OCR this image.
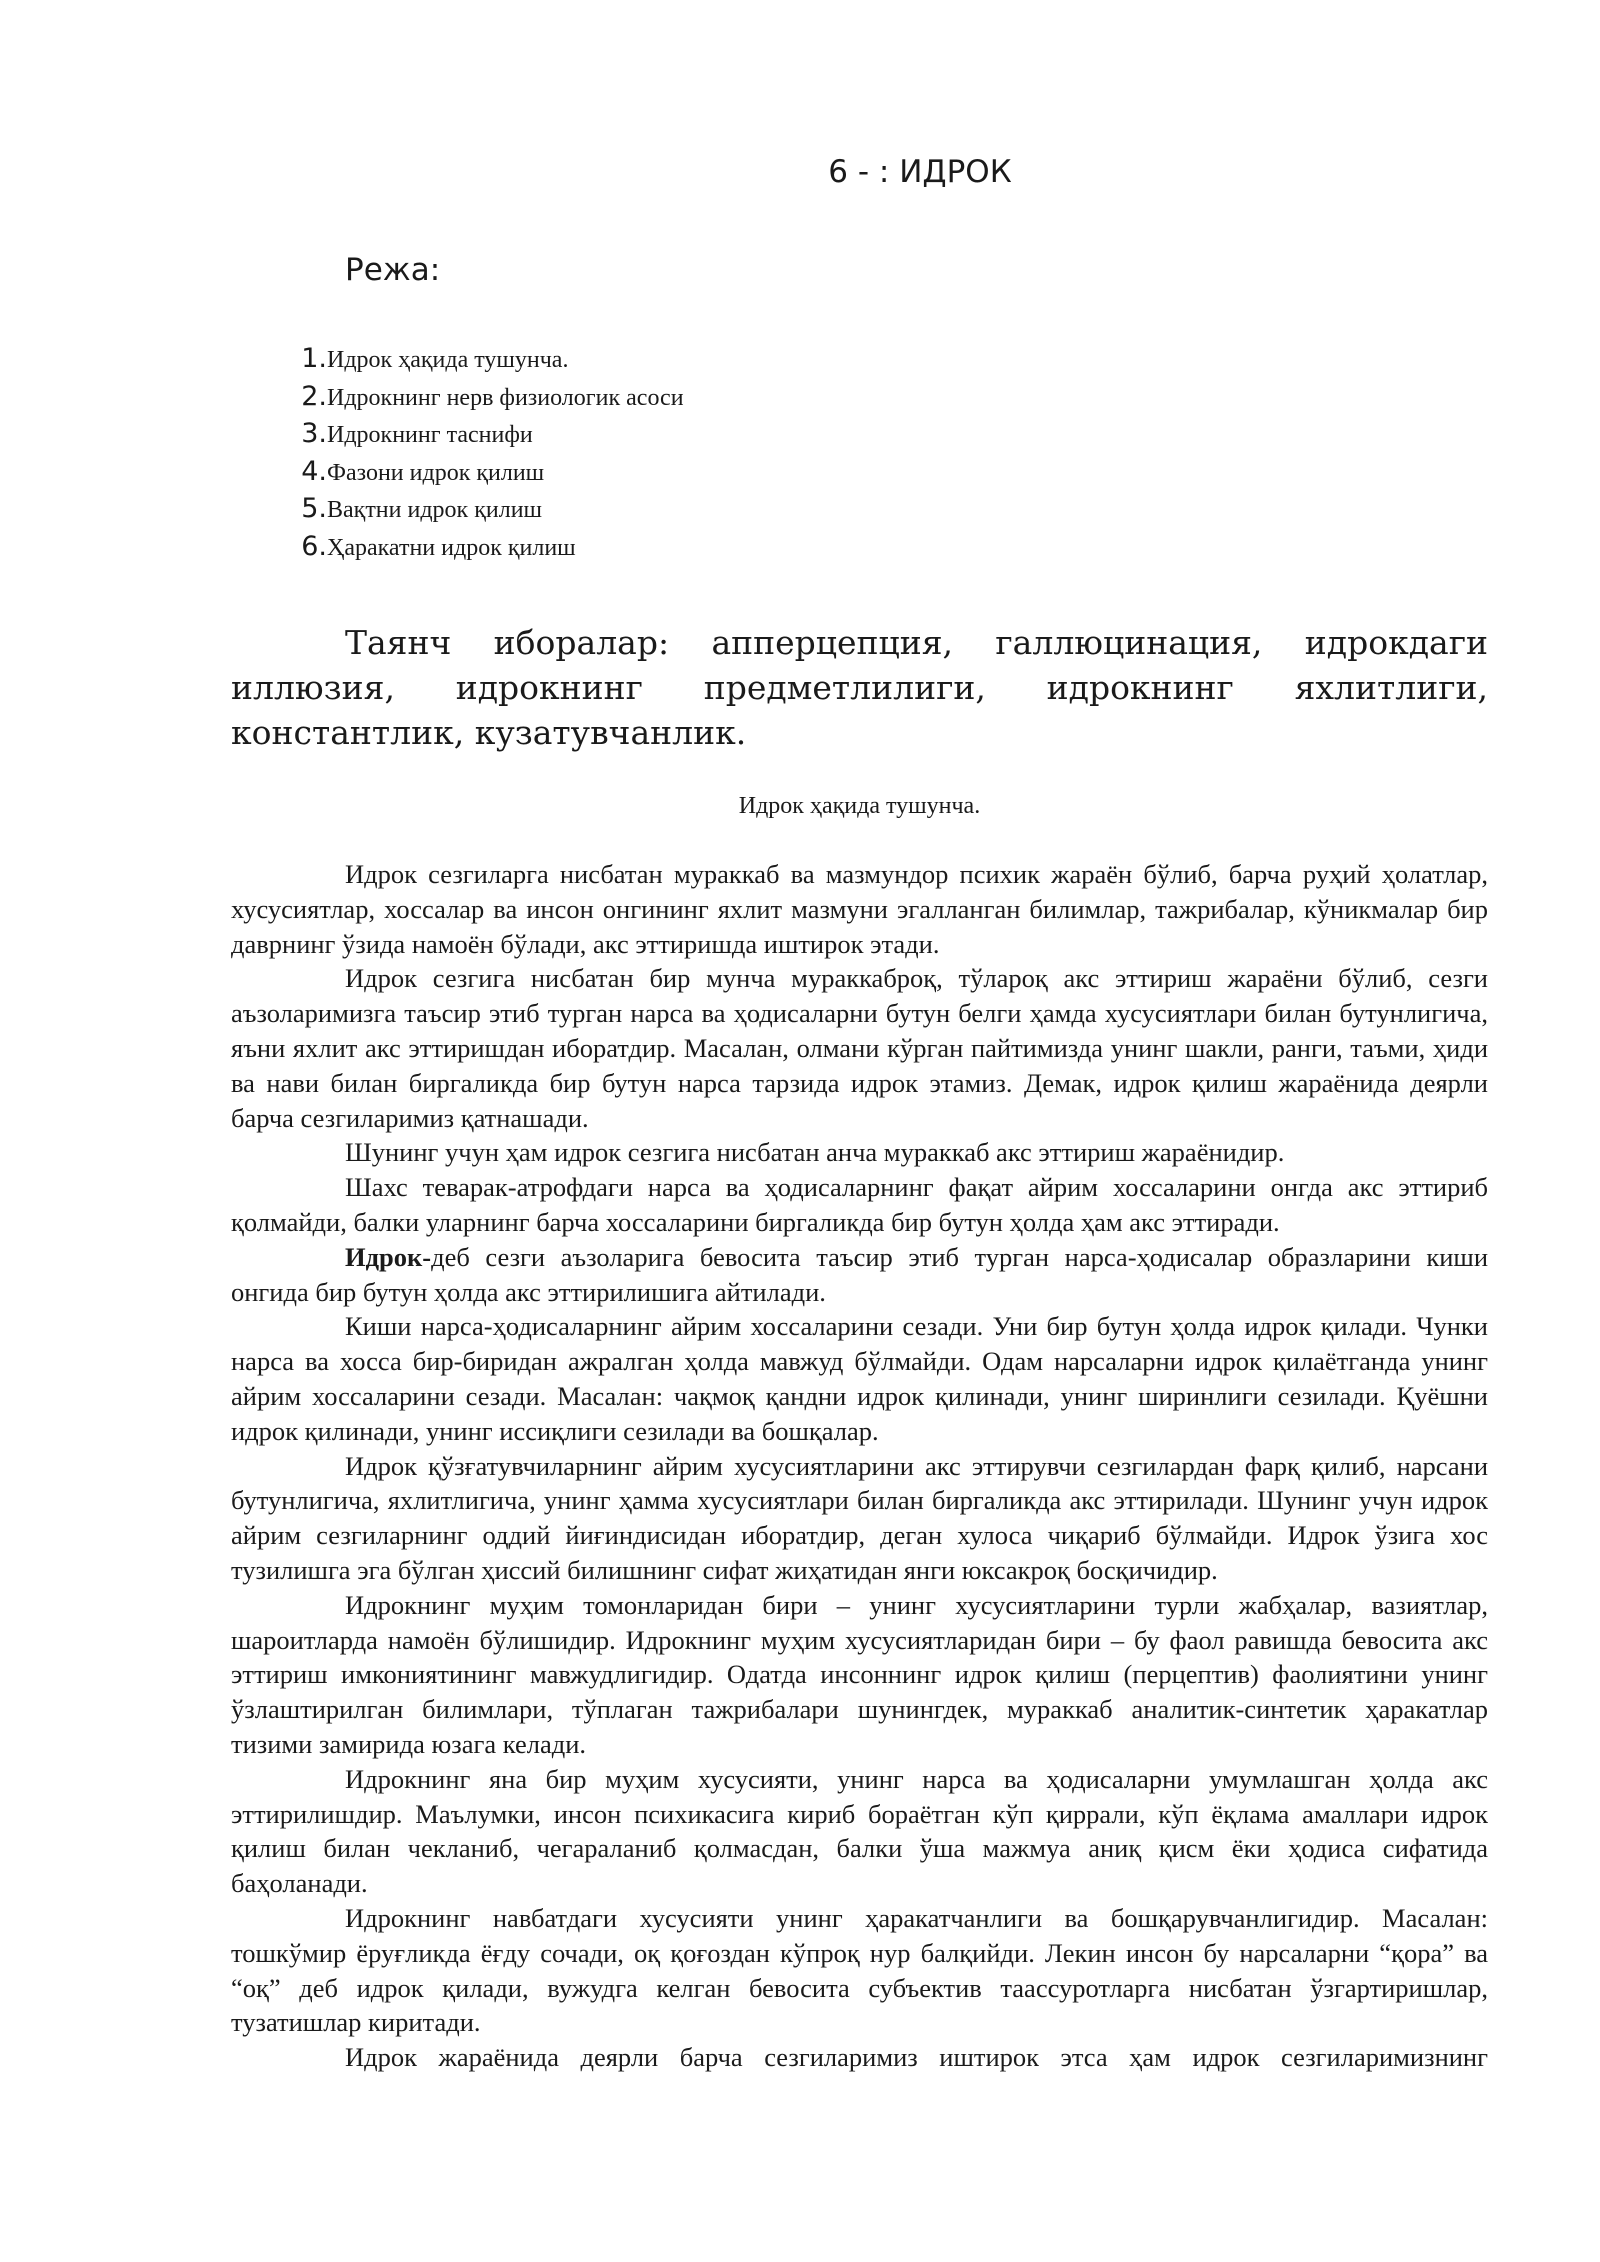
6 - : ИДРОК
Режа:
1. Идрок ҳақида тушунча.
2. Идрокнинг нерв физиологик асоси
3. Идрокнинг таснифи
4. Фазони идрок қилиш
5. Вақтни идрок қилиш
6. Ҳаракатни идрок қилиш

Таянч иборалар: апперцепция, галлюцинация, идрокдаги иллюзия, идрокнинг предметлилиги, идрокнинг яхлитлиги, константлик, кузатувчанлик.

Идрок ҳақида тушунча.

Идрок сезгиларга нисбатан мураккаб ва мазмундор психик жараён бўлиб, барча руҳий ҳолатлар, хусусиятлар, хоссалар ва инсон онгининг яхлит мазмуни эгалланган билимлар, тажрибалар, кўникмалар бир даврнинг ўзида намоён бўлади, акс эттиришда иштирок этади.

Идрок сезгига нисбатан бир мунча мураккаброқ, тўлароқ акс эттириш жараёни бўлиб, сезги аъзоларимизга таъсир этиб турган нарса ва ҳодисаларни бутун белги ҳамда хусусиятлари билан бутунлигича, яъни яхлит акс эттиришдан иборатдир. Масалан, олмани кўрган пайтимизда унинг шакли, ранги, таъми, ҳиди ва нави билан биргаликда бир бутун нарса тарзида идрок этамиз. Демак, идрок қилиш жараёнида деярли барча сезгиларимиз қатнашади.

Шунинг учун ҳам идрок сезгига нисбатан анча мураккаб акс эттириш жараёнидир.

Шахс теварак-атрофдаги нарса ва ҳодисаларнинг фақат айрим хоссаларини онгда акс эттириб қолмайди, балки уларнинг барча хоссаларини биргаликда бир бутун ҳолда ҳам акс эттиради.

Идрок-деб сезги аъзоларига бевосита таъсир этиб турган нарса-ҳодисалар образларини киши онгида бир бутун ҳолда акс эттирилишига айтилади.

Киши нарса-ҳодисаларнинг айрим хоссаларини сезади. Уни бир бутун ҳолда идрок қилади. Чунки нарса ва хосса бир-биридан ажралган ҳолда мавжуд бўлмайди. Одам нарсаларни идрок қилаётганда унинг айрим хоссаларини сезади. Масалан: чақмоқ қандни идрок қилинади, унинг ширинлиги сезилади. Қуёшни идрок қилинади, унинг иссиқлиги сезилади ва бошқалар.

Идрок қўзғатувчиларнинг айрим хусусиятларини акс эттирувчи сезгилардан фарқ қилиб, нарсани бутунлигича, яхлитлигича, унинг ҳамма хусусиятлари билан биргаликда акс эттирилади. Шунинг учун идрок айрим сезгиларнинг оддий йиғиндисидан иборатдир, деган хулоса чиқариб бўлмайди. Идрок ўзига хос тузилишга эга бўлган ҳиссий билишнинг сифат жиҳатидан янги юксакроқ босқичидир.

Идрокнинг муҳим томонларидан бири – унинг хусусиятларини турли жабҳалар, вазиятлар, шароитларда намоён бўлишидир. Идрокнинг муҳим хусусиятларидан бири – бу фаол равишда бевосита акс эттириш имкониятининг мавжудлигидир. Одатда инсоннинг идрок қилиш (перцептив) фаолиятини унинг ўзлаштирилган билимлари, тўплаган тажрибалари шунингдек, мураккаб аналитик-синтетик ҳаракатлар тизими замирида юзага келади.

Идрокнинг яна бир муҳим хусусияти, унинг нарса ва ҳодисаларни умумлашган ҳолда акс эттирилишдир. Маълумки, инсон психикасига кириб бораётган кўп қиррали, кўп ёқлама амаллари идрок қилиш билан чекланиб, чегараланиб қолмасдан, балки ўша мажмуа аниқ қисм ёки ҳодиса сифатида баҳоланади.

Идрокнинг навбатдаги хусусияти унинг ҳаракатчанлиги ва бошқарувчанлигидир. Масалан: тошкўмир ёруғликда ёғду сочади, оқ қоғоздан кўпроқ нур балқийди. Лекин инсон бу нарсаларни “қора” ва “оқ” деб идрок қилади, вужудга келган бевосита субъектив таассуротларга нисбатан ўзгартиришлар, тузатишлар киритади.

Идрок жараёнида деярли барча сезгиларимиз иштирок этса ҳам идрок сезгиларимизнинг
